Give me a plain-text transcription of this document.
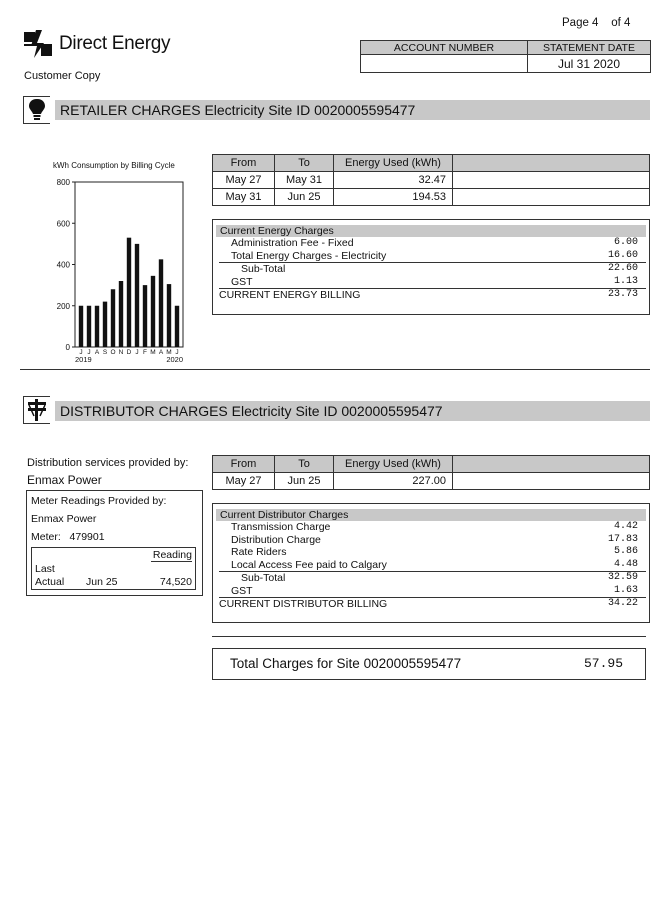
Direct Energy
Customer Copy
Page 4 of 4
ACCOUNT NUMBER	STATEMENT DATE
	Jul 31 2020
RETAILER CHARGES Electricity Site ID 0020005595477
kWh Consumption by Billing Cycle
0
200
400
600
800
J J A S O N D J F M A M J
2019	2020
From	To	Energy Used (kWh)	
May 27	May 31	32.47	
May 31	Jun 25	194.53	
Current Energy Charges
Administration Fee - Fixed	6.00
Total Energy Charges - Electricity	16.60
Sub-Total	22.60
GST	1.13
CURRENT ENERGY BILLING	23.73
DISTRIBUTOR CHARGES Electricity Site ID 0020005595477
Distribution services provided by:
Enmax Power
Meter Readings Provided by:
Enmax Power
Meter: 479901
Reading
Last
Actual Jun 25	74,520
From	To	Energy Used (kWh)	
May 27	Jun 25	227.00	
Current Distributor Charges
Transmission Charge	4.42
Distribution Charge	17.83
Rate Riders	5.86
Local Access Fee paid to Calgary	4.48
Sub-Total	32.59
GST	1.63
CURRENT DISTRIBUTOR BILLING	34.22
Total Charges for Site 0020005595477	57.95
